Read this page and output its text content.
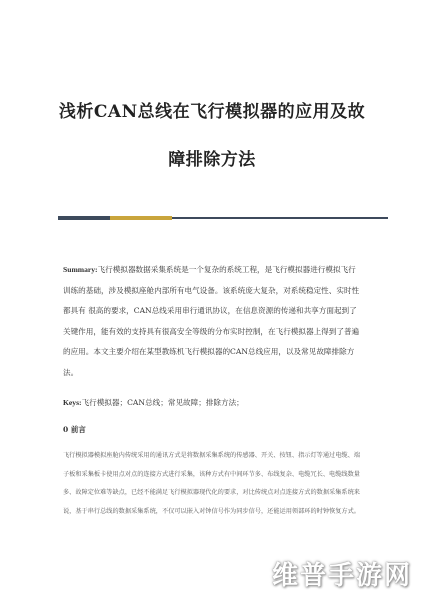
浅析CAN总线在飞行模拟器的应用及故
障排除方法
Summary:飞行模拟器数据采集系统是一个复杂的系统工程，是飞行模拟器进行模拟飞行训练的基础，涉及模拟座舱内部所有电气设备。该系统庞大复杂，对系统稳定性、实时性都具有 很高的要求，CAN总线采用串行通讯协议，在信息资源的传递和共享方面起到了关键作用，能有效的支持具有很高安全等级的分布实时控制，在飞行模拟器上得到了普遍的应用。本文主要介绍在某型教练机飞行模拟器的CAN总线应用，以及常见故障排除方法。
Keys:飞行模拟器；CAN总线；常见故障；排除方法；
0 前言
飞行模拟器模拟座舱内传统采用的通讯方式是将数据采集系统的传感器、开关、按钮、指示灯等通过电缆、端子板和采集板卡使用点对点的连接方式进行采集，该种方式有中间环节多、布线复杂、电缆冗长、电缆线数量多、故障定位难等缺点，已经不能满足飞行模拟器现代化的要求，对比传统点对点连接方式的数据采集系统来说，基于串行总线的数据采集系统，不仅可以嵌入对钟信号作为同步信号，还能运用领部环的时钟恢复方式。
维普手游网
